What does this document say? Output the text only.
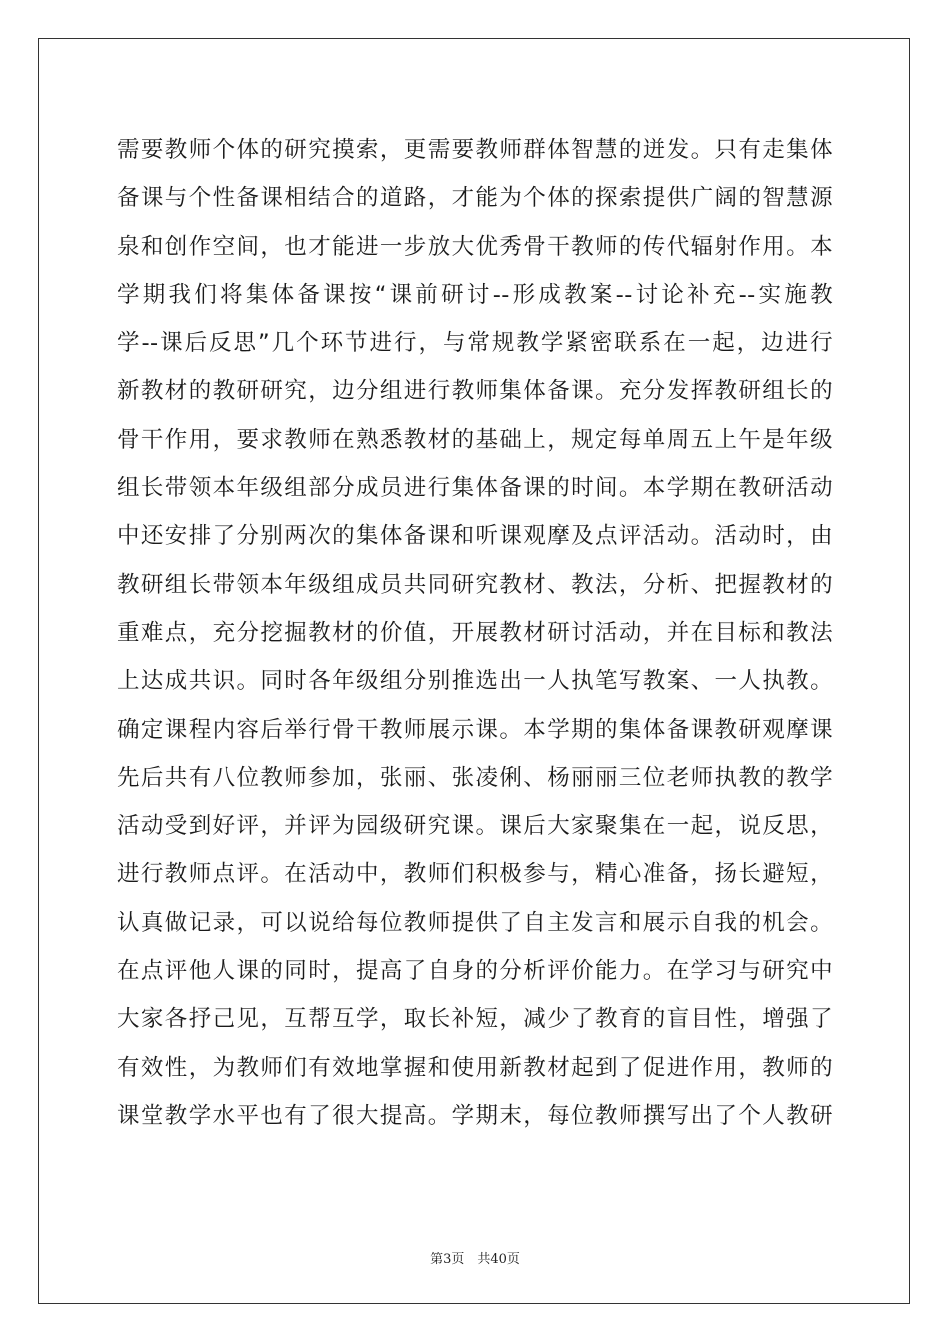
需要教师个体的研究摸索，更需要教师群体智慧的迸发。只有走集体
备课与个性备课相结合的道路，才能为个体的探索提供广阔的智慧源
泉和创作空间，也才能进一步放大优秀骨干教师的传代辐射作用。本
学期我们将集体备课按“课前研讨--形成教案--讨论补充--实施教
学--课后反思”几个环节进行，与常规教学紧密联系在一起，边进行
新教材的教研研究，边分组进行教师集体备课。充分发挥教研组长的
骨干作用，要求教师在熟悉教材的基础上，规定每单周五上午是年级
组长带领本年级组部分成员进行集体备课的时间。本学期在教研活动
中还安排了分别两次的集体备课和听课观摩及点评活动。活动时，由
教研组长带领本年级组成员共同研究教材、教法，分析、把握教材的
重难点，充分挖掘教材的价值，开展教材研讨活动，并在目标和教法
上达成共识。同时各年级组分别推选出一人执笔写教案、一人执教。
确定课程内容后举行骨干教师展示课。本学期的集体备课教研观摩课
先后共有八位教师参加，张丽、张凌俐、杨丽丽三位老师执教的教学
活动受到好评，并评为园级研究课。课后大家聚集在一起，说反思，
进行教师点评。在活动中，教师们积极参与，精心准备，扬长避短，
认真做记录，可以说给每位教师提供了自主发言和展示自我的机会。
在点评他人课的同时，提高了自身的分析评价能力。在学习与研究中
大家各抒己见，互帮互学，取长补短，减少了教育的盲目性，增强了
有效性，为教师们有效地掌握和使用新教材起到了促进作用，教师的
课堂教学水平也有了很大提高。学期末，每位教师撰写出了个人教研
第3页　共40页
